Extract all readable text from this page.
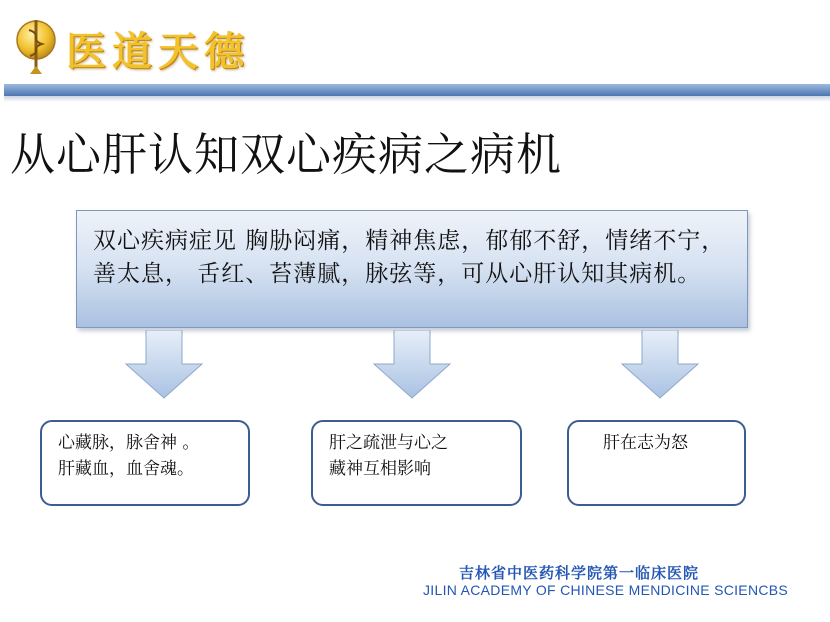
医道天德
从心肝认知双心疾病之病机
双心疾病症见 胸胁闷痛，精神焦虑，郁郁不舒，情绪不宁，善太息， 舌红、苔薄腻，脉弦等，可从心肝认知其病机。
心藏脉，脉舍神 。
肝藏血，血舍魂。
肝之疏泄与心之
藏神互相影响
肝在志为怒
吉林省中医药科学院第一临床医院
JILIN ACADEMY OF CHINESE MENDICINE SCIENCBS
